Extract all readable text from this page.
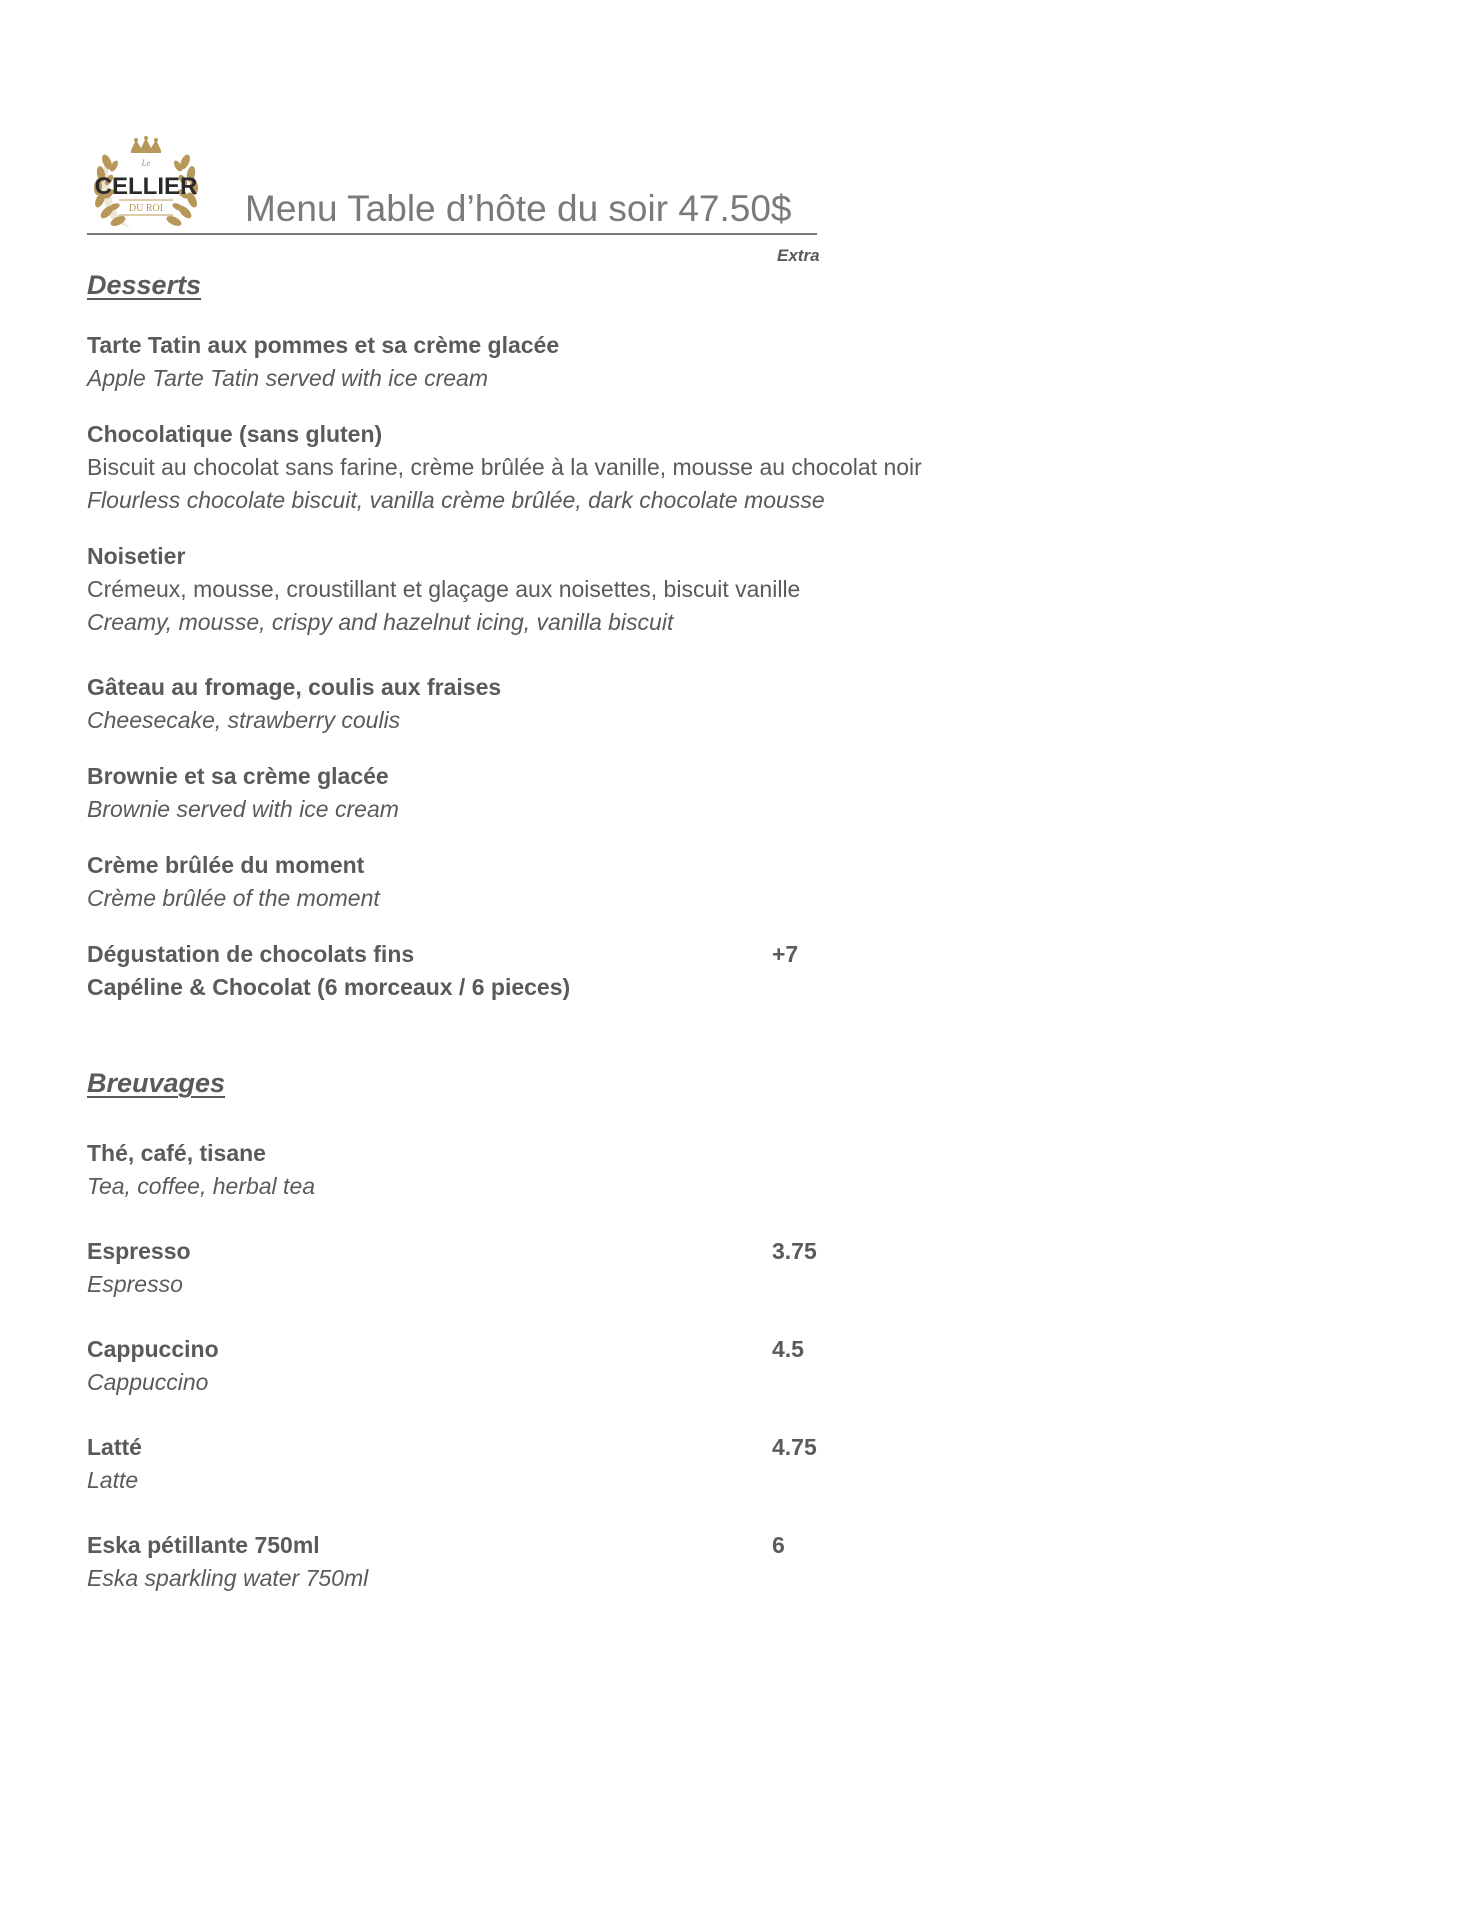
Le
CELLIER
DU ROI Menu Table d’hôte du soir 47.50$
Extra
Desserts
Tarte Tatin aux pommes et sa crème glacée
Apple Tarte Tatin served with ice cream
Chocolatique (sans gluten)
Biscuit au chocolat sans farine, crème brûlée à la vanille, mousse au chocolat noir
Flourless chocolate biscuit, vanilla crème brûlée, dark chocolate mousse
Noisetier
Crémeux, mousse, croustillant et glaçage aux noisettes, biscuit vanille
Creamy, mousse, crispy and hazelnut icing, vanilla biscuit
Gâteau au fromage, coulis aux fraises
Cheesecake, strawberry coulis
Brownie et sa crème glacée
Brownie served with ice cream
Crème brûlée du moment
Crème brûlée of the moment
Dégustation de chocolats fins
Capéline & Chocolat (6 morceaux / 6 pieces)
+7
Breuvages
Thé, café, tisane
Tea, coffee, herbal tea
Espresso
Espresso
3.75
Cappuccino
Cappuccino
4.5
Latté
Latte
4.75
Eska pétillante 750ml
Eska sparkling water 750ml
6
